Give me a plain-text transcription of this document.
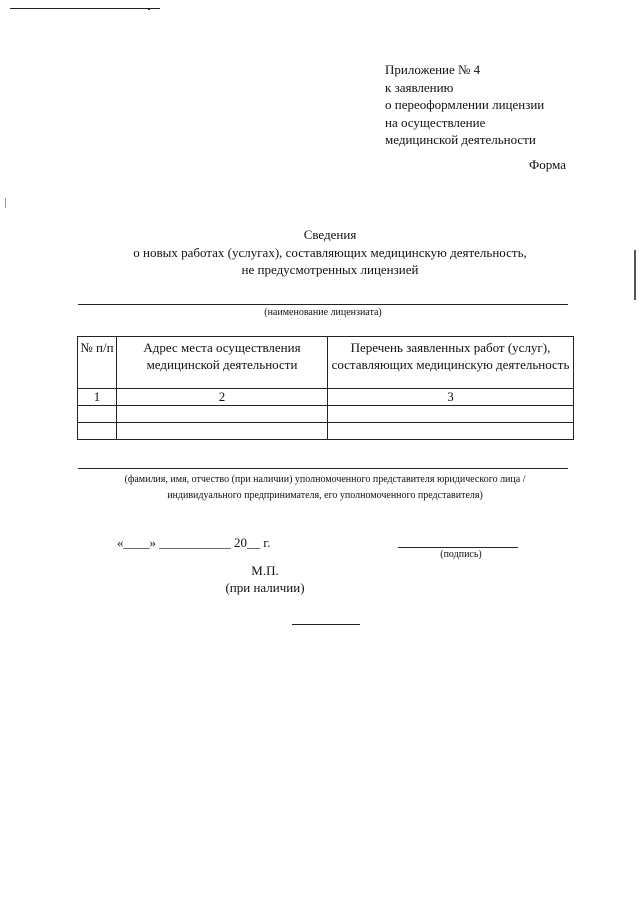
Приложение № 4
к заявлению
о переоформлении лицензии
на осуществление
медицинской деятельности
Форма
Сведения
о новых работах (услугах), составляющих медицинскую деятельность,
не предусмотренных лицензией
(наименование лицензиата)
№ п/п	Адрес места осуществления медицинской деятельности	Перечень заявленных работ (услуг), составляющих медицинскую деятельность
1	2	3

(фамилия, имя, отчество (при наличии) уполномоченного представителя юридического лица /
индивидуального предпринимателя, его уполномоченного представителя)
«____» ___________ 20__ г.
(подпись)
М.П.
(при наличии)
